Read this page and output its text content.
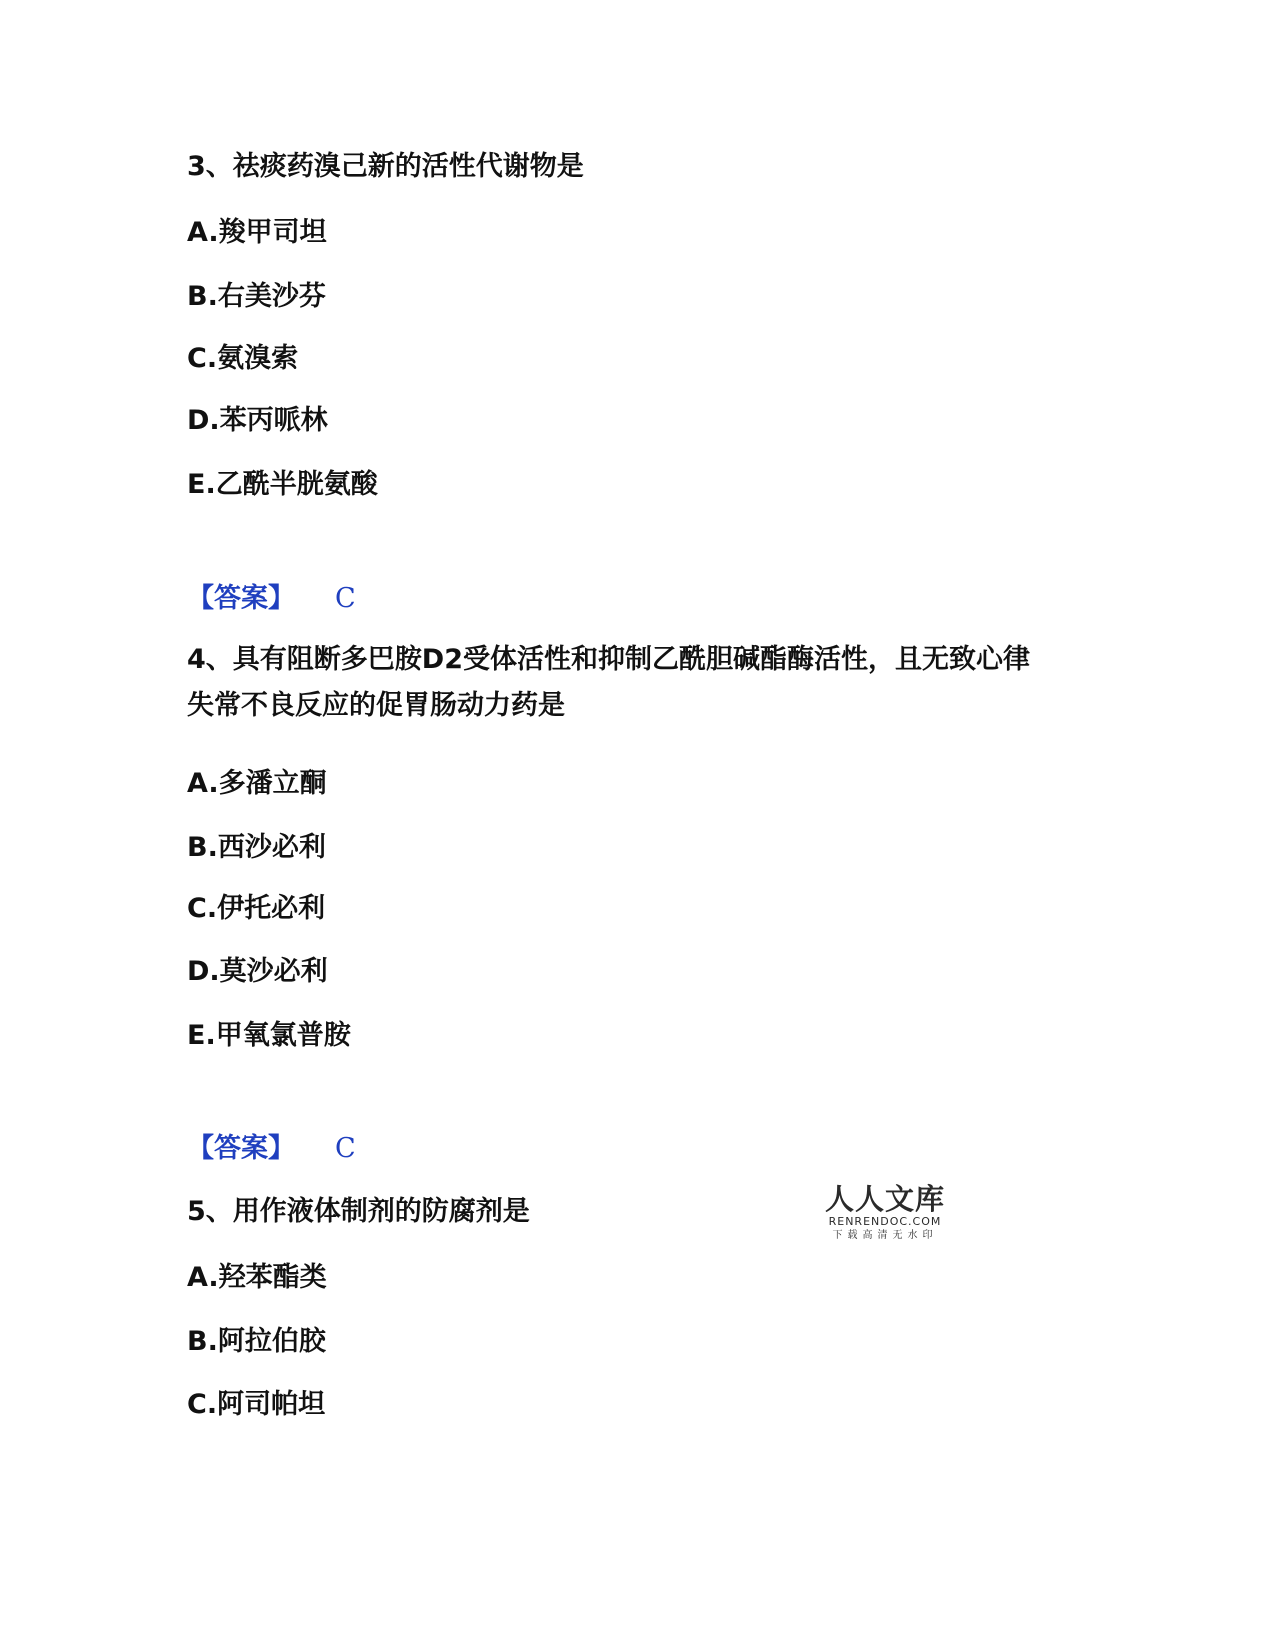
3、祛痰药溴己新的活性代谢物是
A.羧甲司坦
B.右美沙芬
C.氨溴索
D.苯丙哌林
E.乙酰半胱氨酸
【答案】 C
4、具有阻断多巴胺D2受体活性和抑制乙酰胆碱酯酶活性，且无致心律
失常不良反应的促胃肠动力药是
A.多潘立酮
B.西沙必利
C.伊托必利
D.莫沙必利
E.甲氧氯普胺
【答案】 C
5、用作液体制剂的防腐剂是
A.羟苯酯类
B.阿拉伯胶
C.阿司帕坦
人人文库
RENRENDOC.COM
下载高清无水印
